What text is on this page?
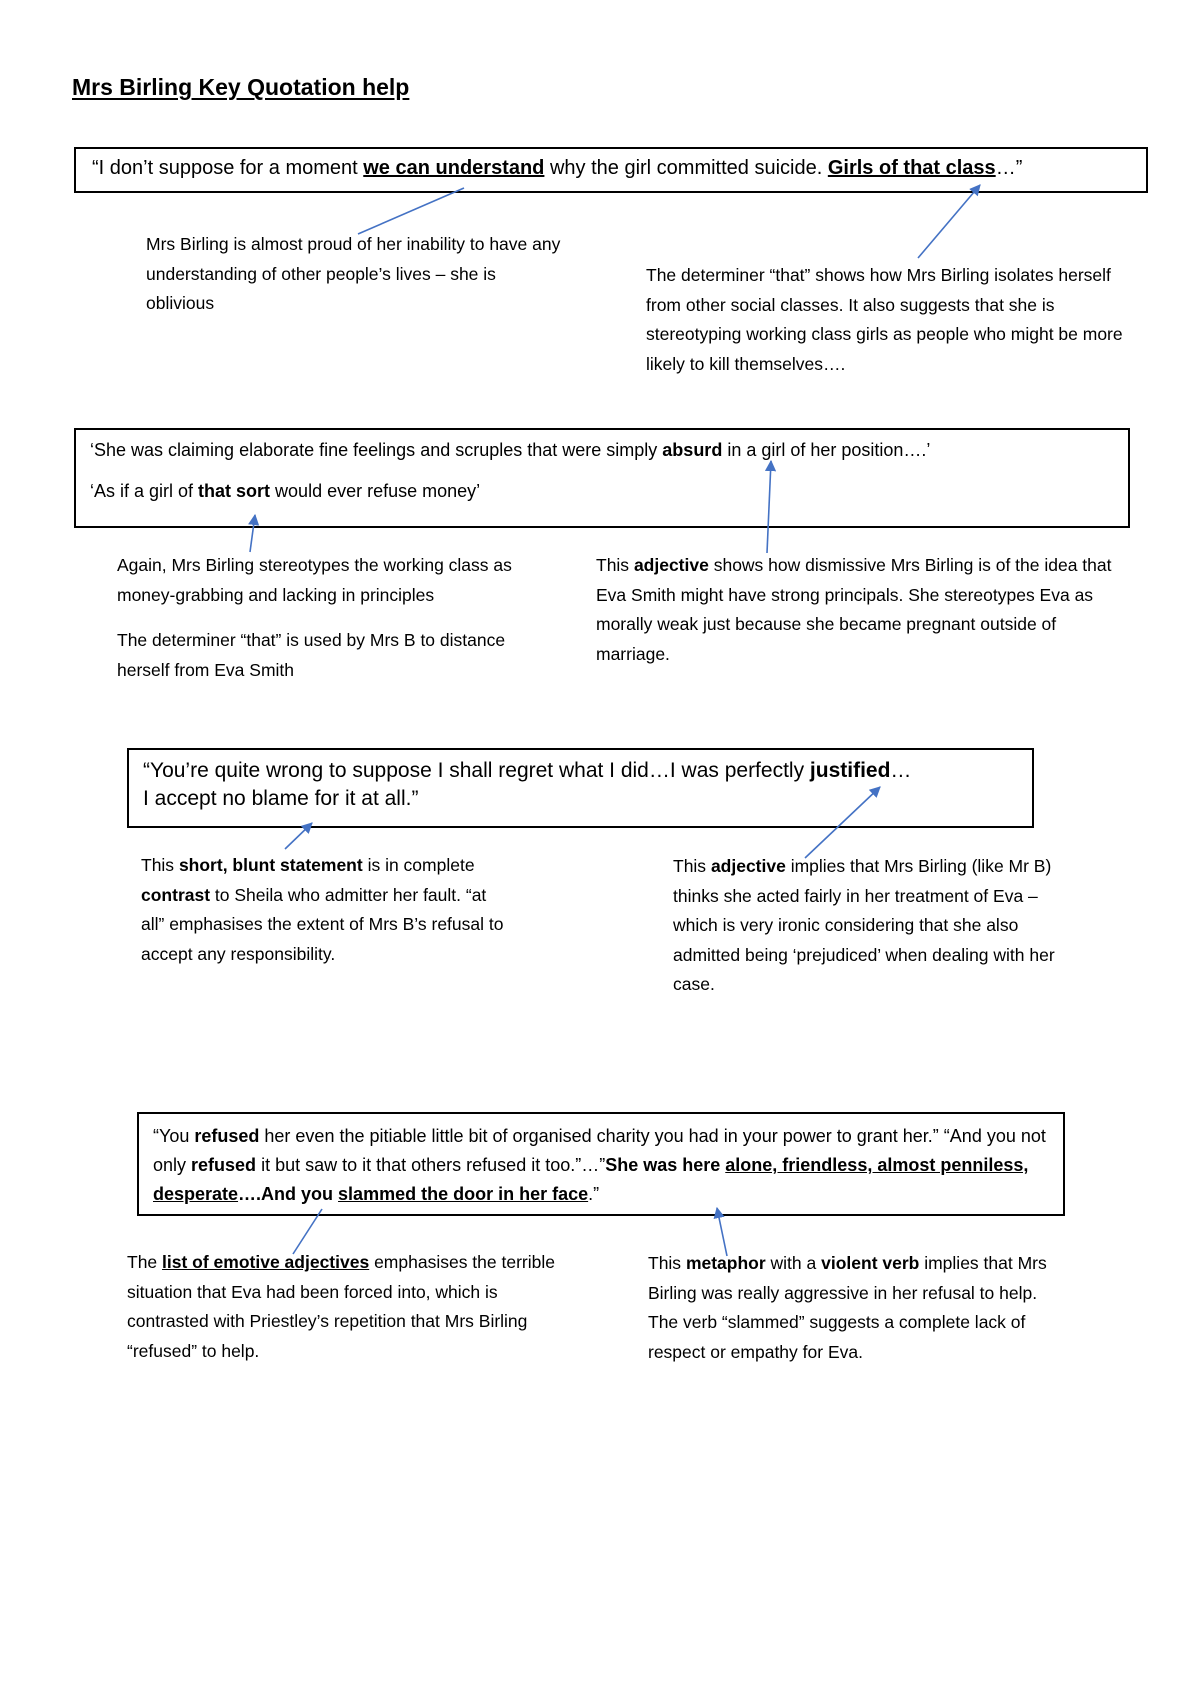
Mrs Birling Key Quotation help

“I don’t suppose for a moment we can understand why the girl committed suicide. Girls of that class…”

Mrs Birling is almost proud of her inability to have any understanding of other people’s lives – she is oblivious

The determiner “that” shows how Mrs Birling isolates herself from other social classes. It also suggests that she is stereotyping working class girls as people who might be more likely to kill themselves….

‘She was claiming elaborate fine feelings and scruples that were simply absurd in a girl of her position….’

‘As if a girl of that sort would ever refuse money’

Again, Mrs Birling stereotypes the working class as money-grabbing and lacking in principles

The determiner “that” is used by Mrs B to distance herself from Eva Smith

This adjective shows how dismissive Mrs Birling is of the idea that Eva Smith might have strong principals. She stereotypes Eva as morally weak just because she became pregnant outside of marriage.

“You’re quite wrong to suppose I shall regret what I did…I was perfectly justified…

I accept no blame for it at all.”

This short, blunt statement is in complete contrast to Sheila who admitter her fault. “at all” emphasises the extent of Mrs B’s refusal to accept any responsibility.

This adjective implies that Mrs Birling (like Mr B) thinks she acted fairly in her treatment of Eva – which is very ironic considering that she also admitted being ‘prejudiced’ when dealing with her case.

“You refused her even the pitiable little bit of organised charity you had in your power to grant her.” “And you not only refused it but saw to it that others refused it too.”…”She was here alone, friendless, almost penniless, desperate….And you slammed the door in her face.”

The list of emotive adjectives emphasises the terrible situation that Eva had been forced into, which is contrasted with Priestley’s repetition that Mrs Birling “refused” to help.

This metaphor with a violent verb implies that Mrs Birling was really aggressive in her refusal to help. The verb “slammed” suggests a complete lack of respect or empathy for Eva.
